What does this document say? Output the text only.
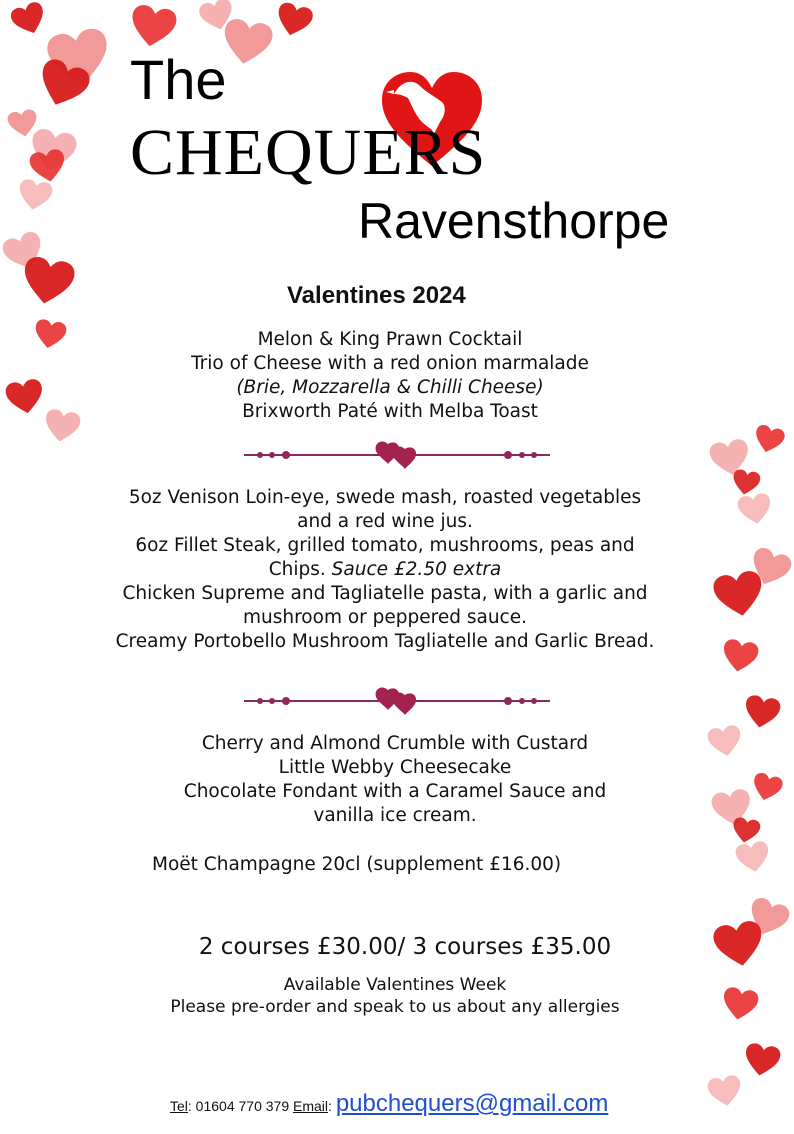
The
CHEQUERS
Ravensthorpe
Valentines 2024
Melon & King Prawn Cocktail
Trio of Cheese with a red onion marmalade
(Brie, Mozzarella & Chilli Cheese)
Brixworth Paté with Melba Toast
5oz Venison Loin-eye, swede mash, roasted vegetables
and a red wine jus.
6oz Fillet Steak, grilled tomato, mushrooms, peas and
Chips. Sauce £2.50 extra
Chicken Supreme and Tagliatelle pasta, with a garlic and
mushroom or peppered sauce.
Creamy Portobello Mushroom Tagliatelle and Garlic Bread.
Cherry and Almond Crumble with Custard
Little Webby Cheesecake
Chocolate Fondant with a Caramel Sauce and
vanilla ice cream.
Moët Champagne 20cl (supplement £16.00)
2 courses £30.00/ 3 courses £35.00
Available Valentines Week
Please pre-order and speak to us about any allergies
Tel: 01604 770 379 Email: pubchequers@gmail.com
